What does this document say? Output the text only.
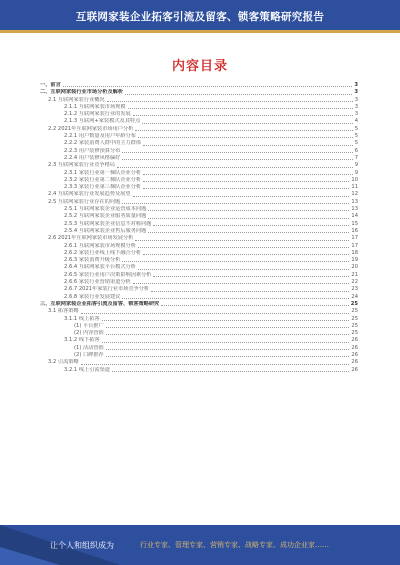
互联网家装企业拓客引流及留客、锁客策略研究报告
内容目录
一、前言	3
二、互联网家装行业市场分析及解析	3
2.1 互联网家装行业概况	3
2.1.1 互联网家装市场规模	3
2.1.2 互联网家装行业的发展	3
2.1.3 互联网+家装模式及其特点	4
2.2 2021年互联网家装市场用户分析	5
2.2.1 用户数量及用户年龄分布	5
2.2.2 家装消费人群中的主力群体	5
2.2.3 用户装修预算分布	6
2.2.4 用户装修风格偏好	7
2.3 互联网家装行业竞争格局	9
2.3.1 家装行业第一梯队企业分析	9
2.3.2 家装行业第二梯队企业分析	10
2.3.3 家装行业第三梯队企业分析	11
2.4 互联网家装行业发展趋势及展望	12
2.5 互联网家装行业存在的问题	13
2.5.1 互联网家装企业运营成本问题	13
2.5.2 互联网家装企业服务质量问题	14
2.5.3 互联网家装企业信息不对称问题	15
2.5.4 互联网家装企业售后服务问题	16
2.6 2021年互联网家装市场发展分析	17
2.6.1 互联网家装市场规模分析	17
2.6.2 家装行业线上线下融合分析	18
2.6.3 家装消费升级分析	19
2.6.4 互联网家装平台模式分析	20
2.6.5 家装行业用户决策影响因素分析	21
2.6.6 家装行业营销渠道分析	22
2.6.7 2021年家装行业市场竞争分析	23
2.6.8 家装行业发展建议	24
三、互联网家装企业拓客引流及留客、锁客策略研究	25
3.1 拓客策略	25
3.1.1 线上拓客	25
(1) 平台推广	25
(2) 内容营销	25
3.1.2 线下拓客	26
(1) 活动营销	26
(2) 口碑推荐	26
3.2 引流策略	26
3.2.1 线上引流渠道	26
让个人和组织成为	行业专家、管理专家、营销专家、战略专家、成功企业家……
